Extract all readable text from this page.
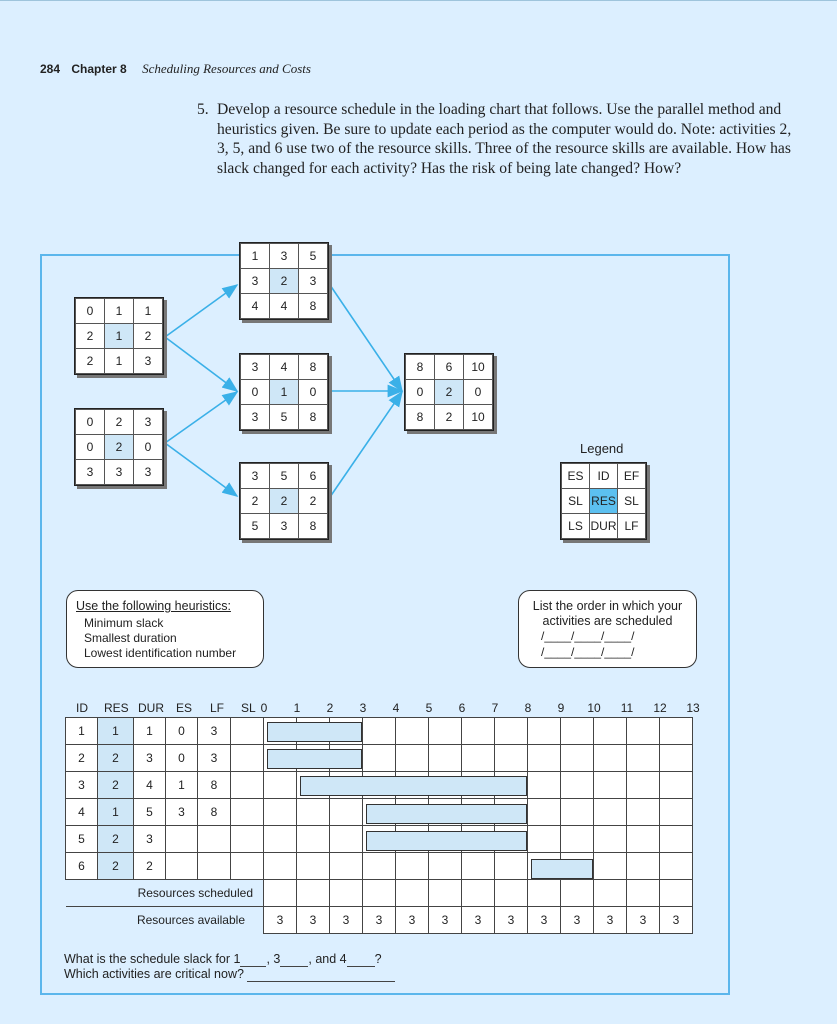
284 Chapter 8 Scheduling Resources and Costs
5. Develop a resource schedule in the loading chart that follows. Use the parallel method and heuristics given. Be sure to update each period as the computer would do. Note: activities 2, 3, 5, and 6 use two of the resource skills. Three of the resource skills are available. How has slack changed for each activity? Has the risk of being late changed? How?
0	1	1
2	1	2
2	1	3
0	2	3
0	2	0
3	3	3
1	3	5
3	2	3
4	4	8
3	4	8
0	1	0
3	5	8
3	5	6
2	2	2
5	3	8
8	6	10
0	2	0
8	2	10
Legend
ES	ID	EF
SL	RES	SL
LS	DUR	LF
Use the following heuristics:
Minimum slack
Smallest duration
Lowest identification number
List the order in which your activities are scheduled
/____/____/____/
/____/____/____/
ID RES DUR ES LF SL 0	1	2	3	4	5	6	7	8	9	10	11	12 13
1	1	1	0	3														
2	2	3	0	3														
3	2	4	1	8														
4	1	5	3	8														
5	2	3																
6	2	2																
Resources scheduled																		
Resources available						3	3	3	3	3	3	3	3	3	3	3	3	3
What is the schedule slack for 1 , 3 , and 4 ?
Which activities are critical now?
